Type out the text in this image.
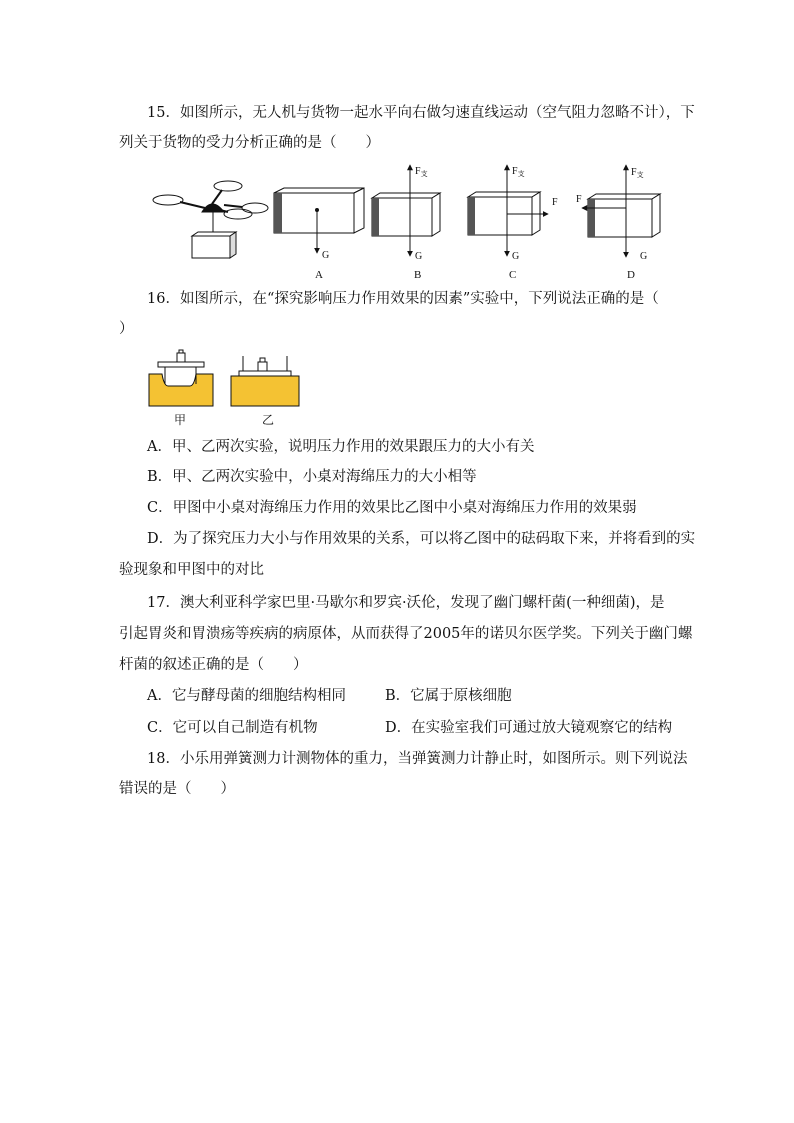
15．如图所示，无人机与货物一起水平向右做匀速直线运动（空气阻力忽略不计），下
列关于货物的受力分析正确的是（　　）
G
A
$F_支$
G
B
$F_支$
F
G
C
$F_支$
F
G
D
16．如图所示，在“探究影响压力作用效果的因素”实验中，下列说法正确的是（
）
甲	乙
A．甲、乙两次实验，说明压力作用的效果跟压力的大小有关
B．甲、乙两次实验中，小桌对海绵压力的大小相等
C．甲图中小桌对海绵压力作用的效果比乙图中小桌对海绵压力作用的效果弱
D．为了探究压力大小与作用效果的关系，可以将乙图中的砝码取下来，并将看到的实
验现象和甲图中的对比
17．澳大利亚科学家巴里·马歇尔和罗宾·沃伦，发现了幽门螺杆菌(一种细菌)，是
引起胃炎和胃溃疡等疾病的病原体，从而获得了2005年的诺贝尔医学奖。下列关于幽门螺
杆菌的叙述正确的是（　　）
A．它与酵母菌的细胞结构相同	B．它属于原核细胞
C．它可以自己制造有机物	D．在实验室我们可通过放大镜观察它的结构
18．小乐用弹簧测力计测物体的重力，当弹簧测力计静止时，如图所示。则下列说法
错误的是（　　）
